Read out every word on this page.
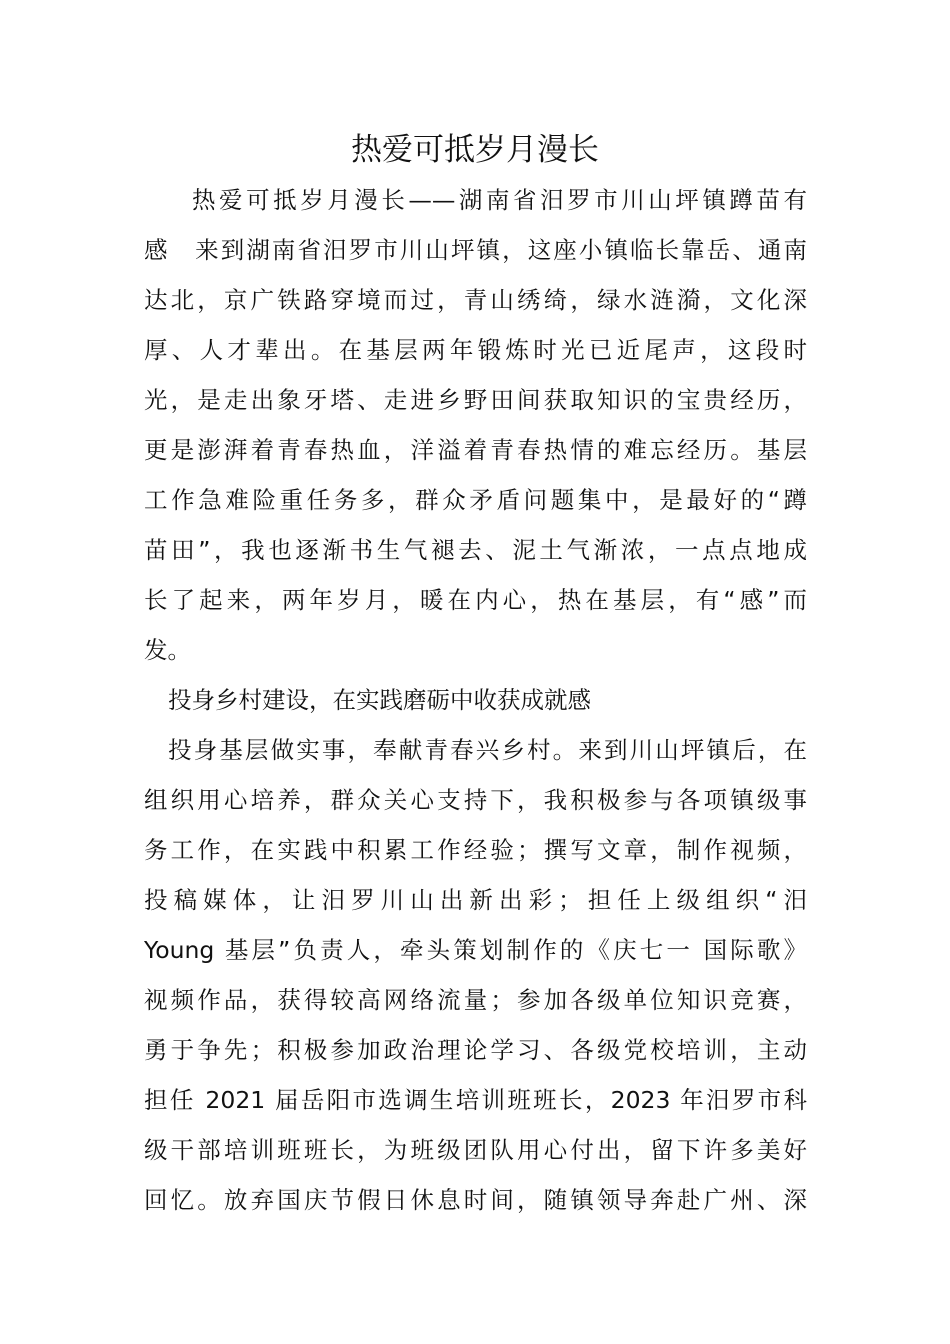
热爱可抵岁月漫长
热爱可抵岁月漫长——湖南省汨罗市川山坪镇蹲苗有
感　来到湖南省汨罗市川山坪镇，这座小镇临长靠岳、通南
达北，京广铁路穿境而过，青山绣绮，绿水涟漪，文化深
厚、人才辈出。在基层两年锻炼时光已近尾声，这段时
光，是走出象牙塔、走进乡野田间获取知识的宝贵经历，
更是澎湃着青春热血，洋溢着青春热情的难忘经历。基层
工作急难险重任务多，群众矛盾问题集中，是最好的“蹲
苗田”，我也逐渐书生气褪去、泥土气渐浓，一点点地成
长了起来，两年岁月，暖在内心，热在基层，有“感”而
发。
投身乡村建设，在实践磨砺中收获成就感
投身基层做实事，奉献青春兴乡村。来到川山坪镇后，在
组织用心培养，群众关心支持下，我积极参与各项镇级事
务工作，在实践中积累工作经验；撰写文章，制作视频，
投稿媒体，让汨罗川山出新出彩；担任上级组织“汨
Young 基层”负责人，牵头策划制作的《庆七一 国际歌》
视频作品，获得较高网络流量；参加各级单位知识竞赛，
勇于争先；积极参加政治理论学习、各级党校培训，主动
担任 2021 届岳阳市选调生培训班班长，2023 年汨罗市科
级干部培训班班长，为班级团队用心付出，留下许多美好
回忆。放弃国庆节假日休息时间，随镇领导奔赴广州、深
